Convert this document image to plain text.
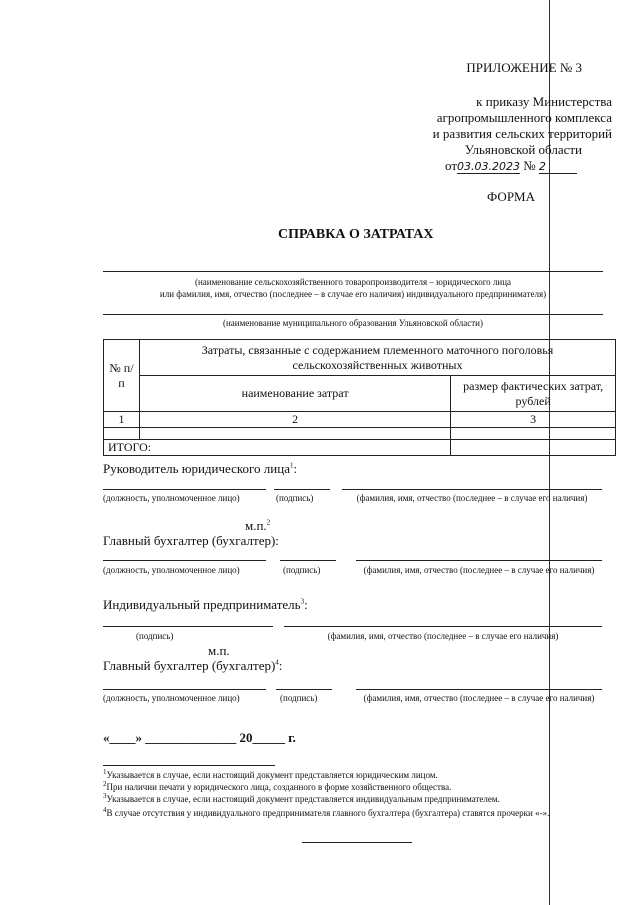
ПРИЛОЖЕНИЕ № 3
к приказу Министерства
агропромышленного комплекса
и развития сельских территорий
Ульяновской области
от03.03.2023 № 2
ФОРМА
СПРАВКА О ЗАТРАТАХ
(наименование сельскохозяйственного товаропроизводителя – юридического лица
или фамилия, имя, отчество (последнее – в случае его наличия) индивидуального предпринимателя)
(наименование муниципального образования Ульяновской области)
№ п/п	Затраты, связанные с содержанием племенного маточного поголовья сельскохозяйственных животных	
	наименование затрат	размер фактических затрат, рублей
1	2	3

ИТОГО:		
Руководитель юридического лица$^1$:
(должность, уполномоченное лицо)	(подпись)	(фамилия, имя, отчество (последнее – в случае его наличия)
м.п.$^2$
Главный бухгалтер (бухгалтер):
(должность, уполномоченное лицо)	(подпись)	(фамилия, имя, отчество (последнее – в случае его наличия)
Индивидуальный предприниматель$^3$:
(подпись)	(фамилия, имя, отчество (последнее – в случае его наличия)
м.п.
Главный бухгалтер (бухгалтер)$^4$:
(должность, уполномоченное лицо)	(подпись)	(фамилия, имя, отчество (последнее – в случае его наличия)
«____» ______________ 20_____ г.
$^1$Указывается в случае, если настоящий документ представляется юридическим лицом.
$^2$При наличии печати у юридического лица, созданного в форме хозяйственного общества.
$^3$Указывается в случае, если настоящий документ представляется индивидуальным предпринимателем.
$^4$В случае отсутствия у индивидуального предпринимателя главного бухгалтера (бухгалтера) ставятся прочерки «-».
